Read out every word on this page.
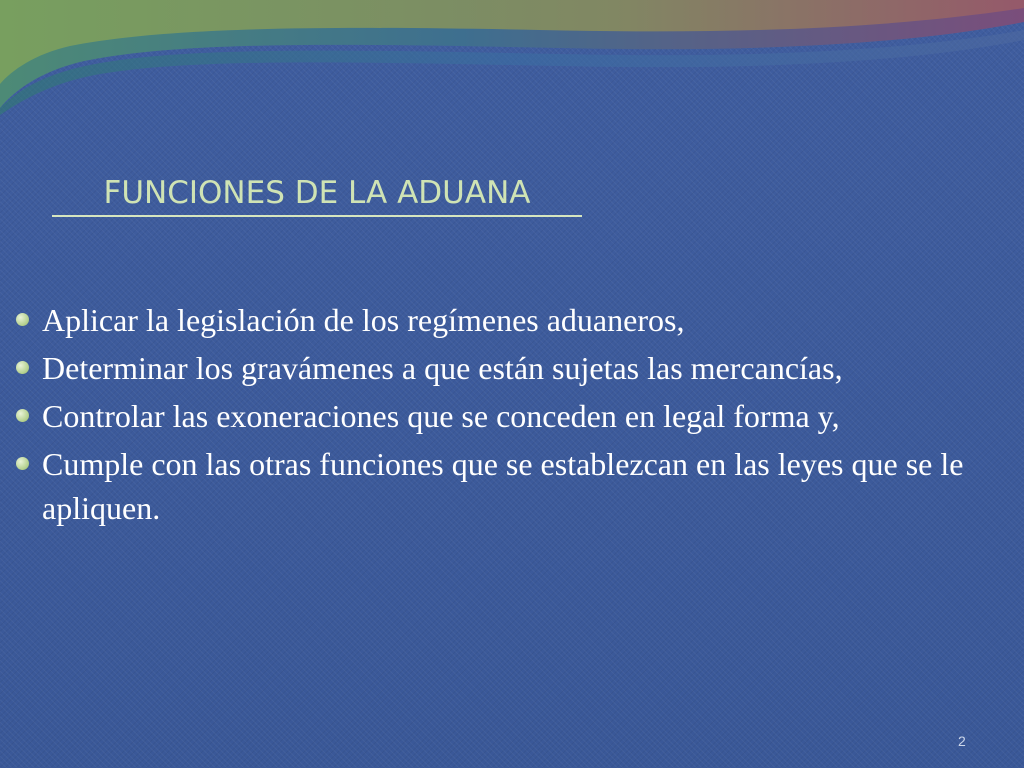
FUNCIONES DE LA ADUANA
Aplicar la legislación de los regímenes aduaneros,
Determinar los gravámenes a que están sujetas las mercancías,
Controlar las exoneraciones que se conceden en legal forma y,
Cumple con las otras funciones que se establezcan en las leyes que se le apliquen.
2
